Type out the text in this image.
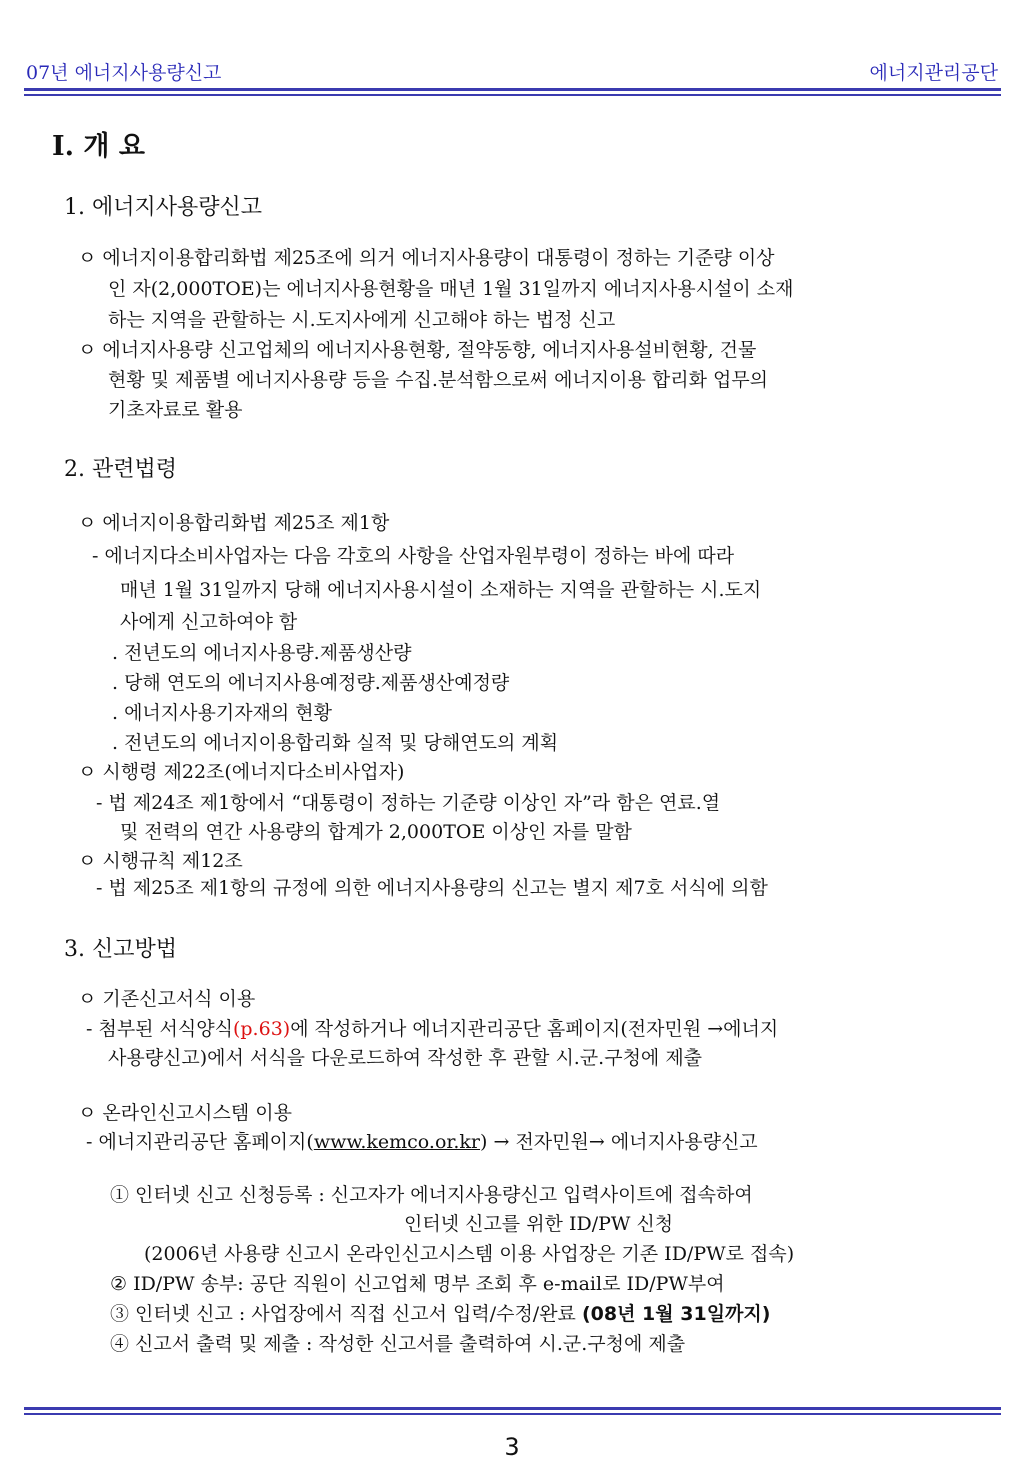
07년 에너지사용량신고	에너지관리공단
I. 개 요
1. 에너지사용량신고
ㅇ 에너지이용합리화법 제25조에 의거 에너지사용량이 대통령이 정하는 기준량 이상
인 자(2,000TOE)는 에너지사용현황을 매년 1월 31일까지 에너지사용시설이 소재
하는 지역을 관할하는 시.도지사에게 신고해야 하는 법정 신고
ㅇ 에너지사용량 신고업체의 에너지사용현황, 절약동향, 에너지사용설비현황, 건물
현황 및 제품별 에너지사용량 등을 수집.분석함으로써 에너지이용 합리화 업무의
기초자료로 활용
2. 관련법령
ㅇ 에너지이용합리화법 제25조 제1항
- 에너지다소비사업자는 다음 각호의 사항을 산업자원부령이 정하는 바에 따라
매년 1월 31일까지 당해 에너지사용시설이 소재하는 지역을 관할하는 시.도지
사에게 신고하여야 함
. 전년도의 에너지사용량.제품생산량
. 당해 연도의 에너지사용예정량.제품생산예정량
. 에너지사용기자재의 현황
. 전년도의 에너지이용합리화 실적 및 당해연도의 계획
ㅇ 시행령 제22조(에너지다소비사업자)
- 법 제24조 제1항에서 “대통령이 정하는 기준량 이상인 자”라 함은 연료.열
및 전력의 연간 사용량의 합계가 2,000TOE 이상인 자를 말함
ㅇ 시행규칙 제12조
- 법 제25조 제1항의 규정에 의한 에너지사용량의 신고는 별지 제7호 서식에 의함
3. 신고방법
ㅇ 기존신고서식 이용
- 첨부된 서식양식(p.63)에 작성하거나 에너지관리공단 홈페이지(전자민원 →에너지
사용량신고)에서 서식을 다운로드하여 작성한 후 관할 시.군.구청에 제출
ㅇ 온라인신고시스템 이용
- 에너지관리공단 홈페이지(www.kemco.or.kr) → 전자민원→ 에너지사용량신고
① 인터넷 신고 신청등록 : 신고자가 에너지사용량신고 입력사이트에 접속하여
인터넷 신고를 위한 ID/PW 신청
(2006년 사용량 신고시 온라인신고시스템 이용 사업장은 기존 ID/PW로 접속)
② ID/PW 송부: 공단 직원이 신고업체 명부 조회 후 e-mail로 ID/PW부여
③ 인터넷 신고 : 사업장에서 직접 신고서 입력/수정/완료 (08년 1월 31일까지)
④ 신고서 출력 및 제출 : 작성한 신고서를 출력하여 시.군.구청에 제출
3
